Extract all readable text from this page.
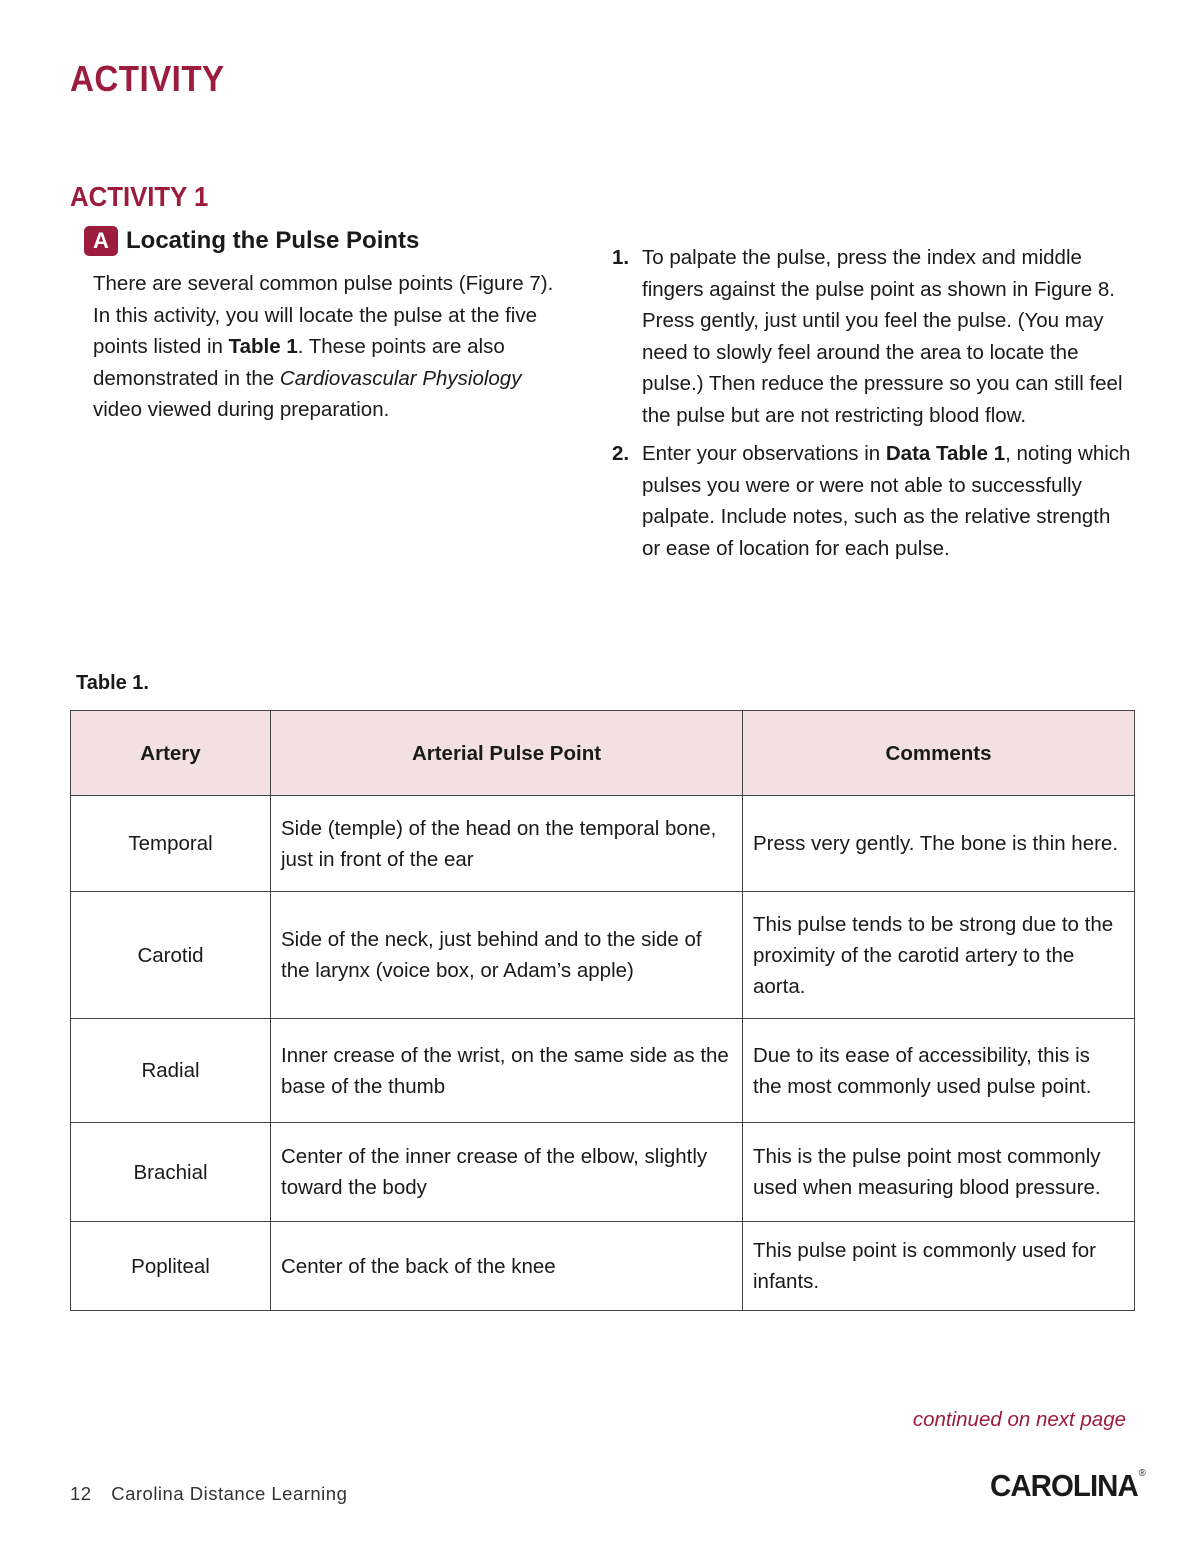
ACTIVITY
ACTIVITY 1
A Locating the Pulse Points
There are several common pulse points (Figure 7). In this activity, you will locate the pulse at the five points listed in Table 1. These points are also demonstrated in the Cardiovascular Physiology video viewed during preparation.
1. To palpate the pulse, press the index and middle fingers against the pulse point as shown in Figure 8. Press gently, just until you feel the pulse. (You may need to slowly feel around the area to locate the pulse.) Then reduce the pressure so you can still feel the pulse but are not restricting blood flow.
2. Enter your observations in Data Table 1, noting which pulses you were or were not able to successfully palpate. Include notes, such as the relative strength or ease of location for each pulse.
Table 1.
Artery	Arterial Pulse Point	Comments
Temporal	Side (temple) of the head on the temporal bone, just in front of the ear	Press very gently. The bone is thin here.
Carotid	Side of the neck, just behind and to the side of the larynx (voice box, or Adam’s apple)	This pulse tends to be strong due to the proximity of the carotid artery to the aorta.
Radial	Inner crease of the wrist, on the same side as the base of the thumb	Due to its ease of accessibility, this is the most commonly used pulse point.
Brachial	Center of the inner crease of the elbow, slightly toward the body	This is the pulse point most commonly used when measuring blood pressure.
Popliteal	Center of the back of the knee	This pulse point is commonly used for infants.
continued on next page
12 Carolina Distance Learning	CAROLINA®
